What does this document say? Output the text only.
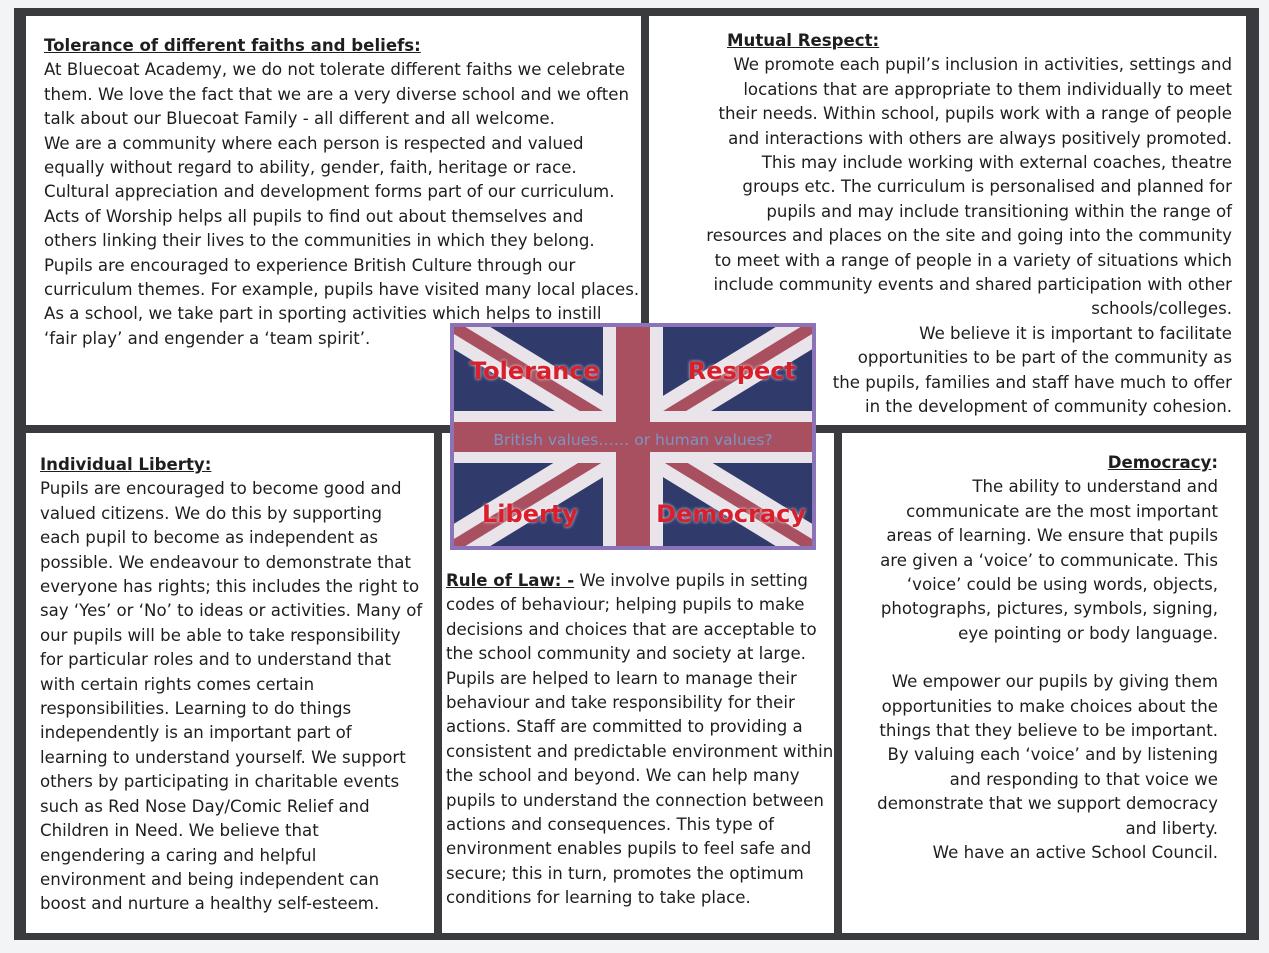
Tolerance of different faiths and beliefs:

At Bluecoat Academy, we do not tolerate different faiths we celebrate

them. We love the fact that we are a very diverse school and we often

talk about our Bluecoat Family - all different and all welcome.

We are a community where each person is respected and valued

equally without regard to ability, gender, faith, heritage or race.

Cultural appreciation and development forms part of our curriculum.

Acts of Worship helps all pupils to find out about themselves and

others linking their lives to the communities in which they belong.

Pupils are encouraged to experience British Culture through our

curriculum themes. For example, pupils have visited many local places.

As a school, we take part in sporting activities which helps to instill

‘fair play’ and engender a ‘team spirit’.

Mutual Respect:

We promote each pupil’s inclusion in activities, settings and

locations that are appropriate to them individually to meet

their needs. Within school, pupils work with a range of people

and interactions with others are always positively promoted.

This may include working with external coaches, theatre

groups etc. The curriculum is personalised and planned for

pupils and may include transitioning within the range of

resources and places on the site and going into the community

to meet with a range of people in a variety of situations which

include community events and shared participation with other

schools/colleges.

We believe it is important to facilitate

opportunities to be part of the community as

the pupils, families and staff have much to offer

in the development of community cohesion.

Individual Liberty:

Pupils are encouraged to become good and

valued citizens. We do this by supporting

each pupil to become as independent as

possible. We endeavour to demonstrate that

everyone has rights; this includes the right to

say ‘Yes’ or ‘No’ to ideas or activities. Many of

our pupils will be able to take responsibility

for particular roles and to understand that

with certain rights comes certain

responsibilities. Learning to do things

independently is an important part of

learning to understand yourself. We support

others by participating in charitable events

such as Red Nose Day/Comic Relief and

Children in Need. We believe that

engendering a caring and helpful

environment and being independent can

boost and nurture a healthy self-esteem.

Rule of Law: - We involve pupils in setting

codes of behaviour; helping pupils to make

decisions and choices that are acceptable to

the school community and society at large.

Pupils are helped to learn to manage their

behaviour and take responsibility for their

actions. Staff are committed to providing a

consistent and predictable environment within

the school and beyond. We can help many

pupils to understand the connection between

actions and consequences. This type of

environment enables pupils to feel safe and

secure; this in turn, promotes the optimum

conditions for learning to take place.

Democracy:

The ability to understand and

communicate are the most important

areas of learning. We ensure that pupils

are given a ‘voice’ to communicate. This

‘voice’ could be using words, objects,

photographs, pictures, symbols, signing,

eye pointing or body language.

We empower our pupils by giving them

opportunities to make choices about the

things that they believe to be important.

By valuing each ‘voice’ and by listening

and responding to that voice we

demonstrate that we support democracy

and liberty.

We have an active School Council.

Tolerance	Respect
British values…… or human values?
Liberty	Democracy
